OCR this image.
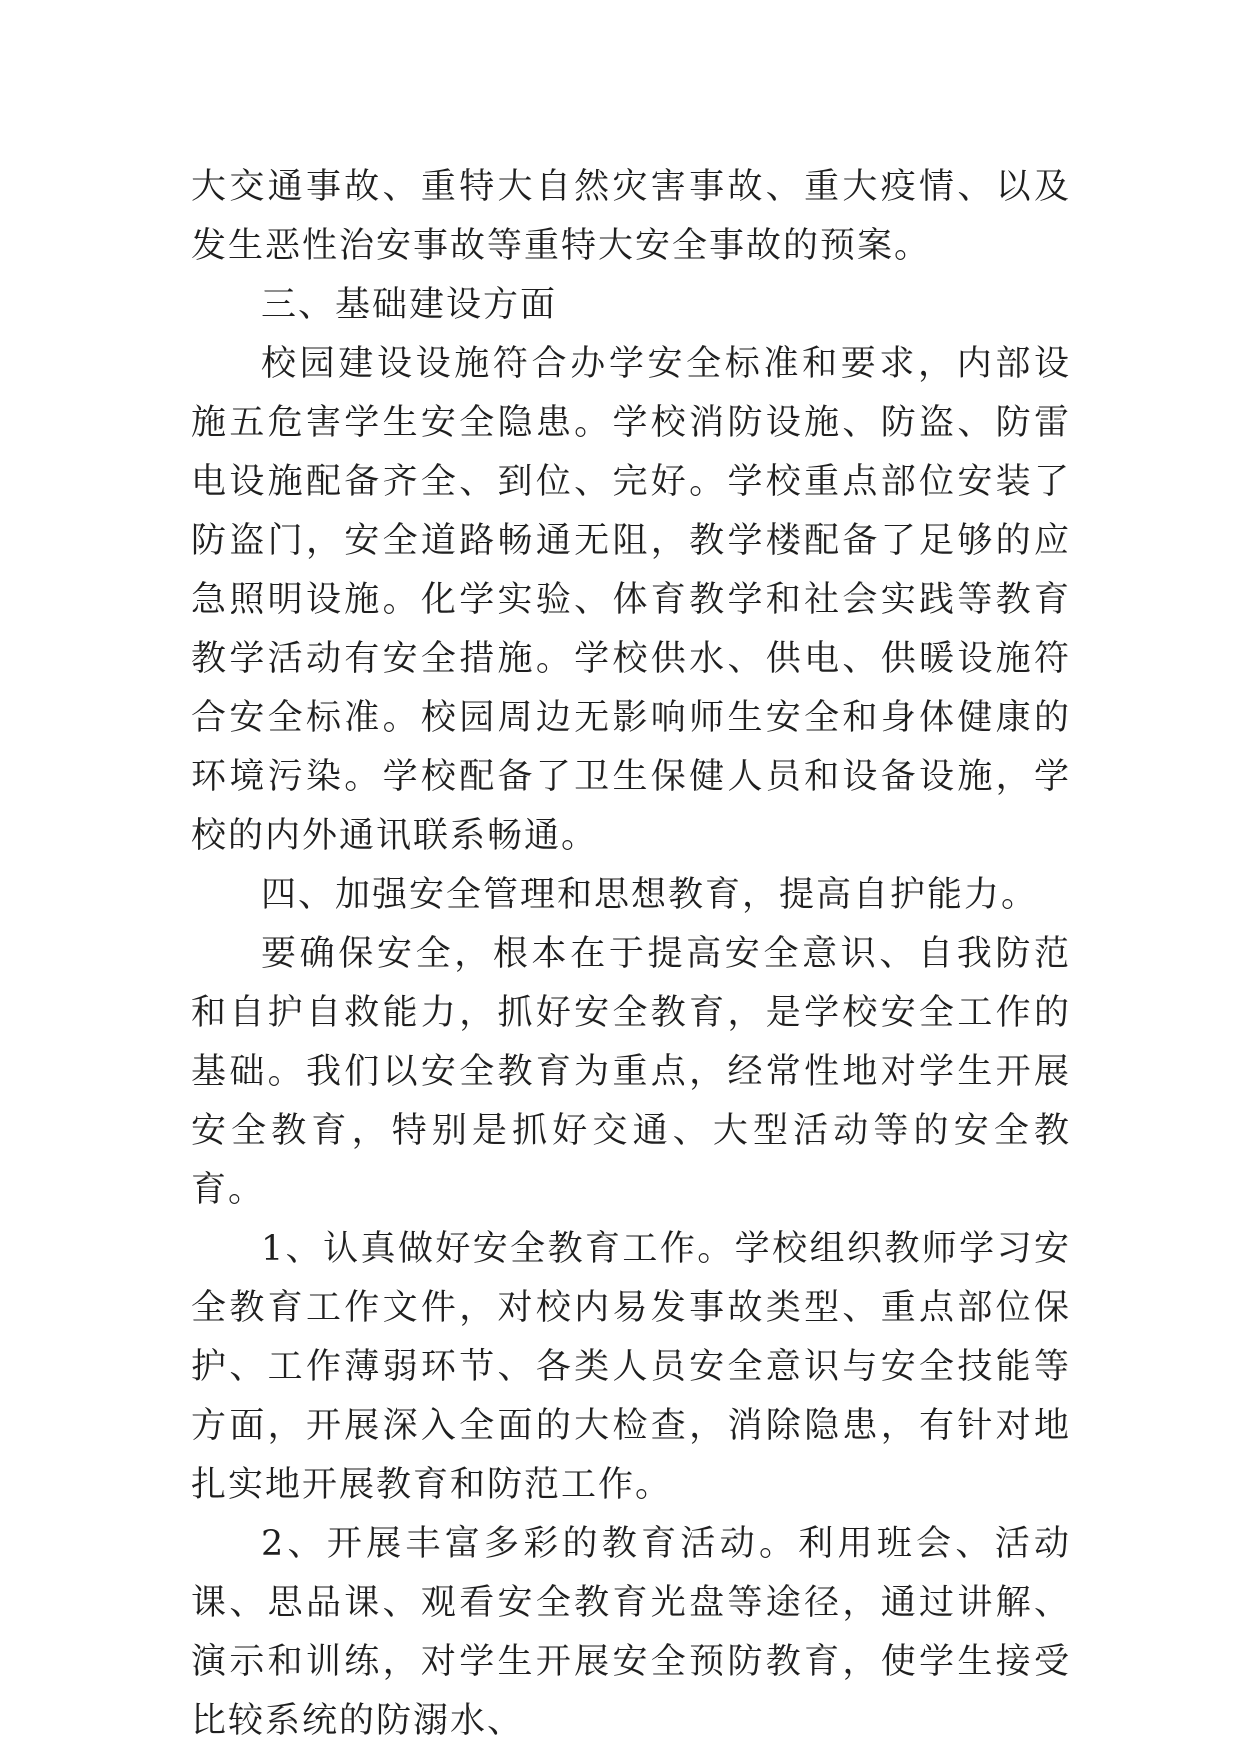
大交通事故、重特大自然灾害事故、重大疫情、以及发生恶性治安事故等重特大安全事故的预案。

三、基础建设方面

校园建设设施符合办学安全标准和要求，内部设施五危害学生安全隐患。学校消防设施、防盗、防雷电设施配备齐全、到位、完好。学校重点部位安装了防盗门，安全道路畅通无阻，教学楼配备了足够的应急照明设施。化学实验、体育教学和社会实践等教育教学活动有安全措施。学校供水、供电、供暖设施符合安全标准。校园周边无影响师生安全和身体健康的环境污染。学校配备了卫生保健人员和设备设施，学校的内外通讯联系畅通。

四、加强安全管理和思想教育，提高自护能力。

要确保安全，根本在于提高安全意识、自我防范和自护自救能力，抓好安全教育，是学校安全工作的基础。我们以安全教育为重点，经常性地对学生开展安全教育，特别是抓好交通、大型活动等的安全教育。

1、认真做好安全教育工作。学校组织教师学习安全教育工作文件，对校内易发事故类型、重点部位保护、工作薄弱环节、各类人员安全意识与安全技能等方面，开展深入全面的大检查，消除隐患，有针对地扎实地开展教育和防范工作。

2、开展丰富多彩的教育活动。利用班会、活动课、思品课、观看安全教育光盘等途径，通过讲解、演示和训练，对学生开展安全预防教育，使学生接受比较系统的防溺水、
